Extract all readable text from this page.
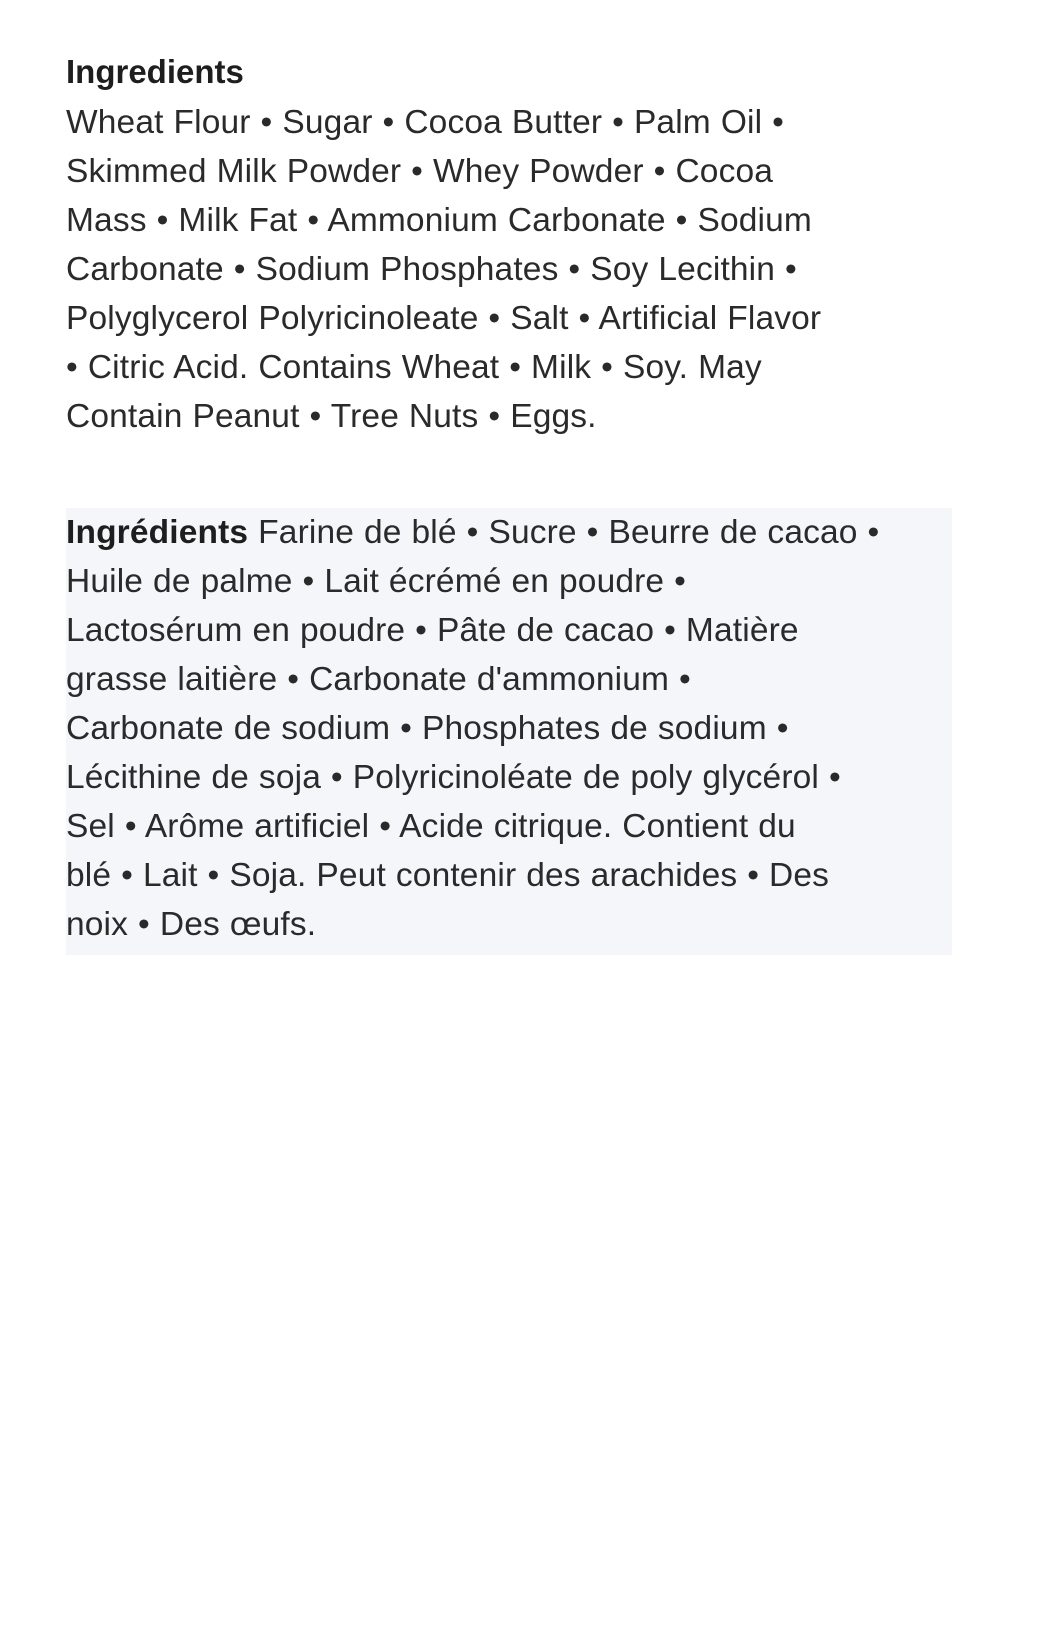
Ingredients
Wheat Flour • Sugar • Cocoa Butter • Palm Oil •
Skimmed Milk Powder • Whey Powder • Cocoa
Mass • Milk Fat • Ammonium Carbonate • Sodium
Carbonate • Sodium Phosphates • Soy Lecithin •
Polyglycerol Polyricinoleate • Salt • Artificial Flavor
• Citric Acid. Contains Wheat • Milk • Soy. May
Contain Peanut • Tree Nuts • Eggs.
Ingrédients Farine de blé • Sucre • Beurre de cacao •
Huile de palme • Lait écrémé en poudre •
Lactosérum en poudre • Pâte de cacao • Matière
grasse laitière • Carbonate d'ammonium •
Carbonate de sodium • Phosphates de sodium •
Lécithine de soja • Polyricinoléate de poly glycérol •
Sel • Arôme artificiel • Acide citrique. Contient du
blé • Lait • Soja. Peut contenir des arachides • Des
noix • Des œufs.
